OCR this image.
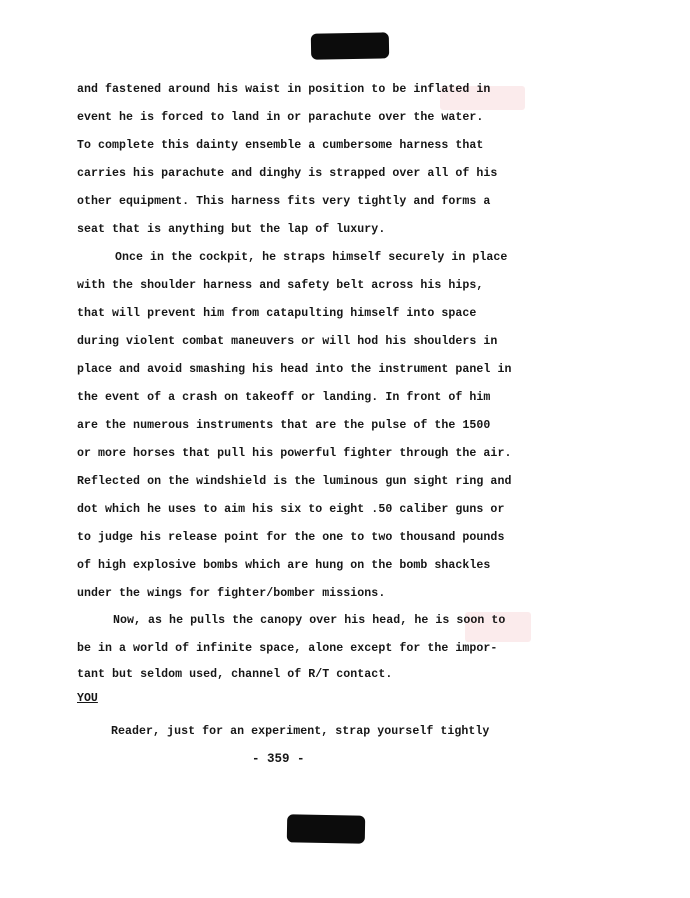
and fastened around his waist in position to be inflated in

event he is forced to land in or parachute over the water.

To complete this dainty ensemble a cumbersome harness that

carries his parachute and dinghy is strapped over all of his

other equipment. This harness fits very tightly and forms a

seat that is anything but the lap of luxury.

Once in the cockpit, he straps himself securely in place

with the shoulder harness and safety belt across his hips,

that will prevent him from catapulting himself into space

during violent combat maneuvers or will hod his shoulders in

place and avoid smashing his head into the instrument panel in

the event of a crash on takeoff or landing. In front of him

are the numerous instruments that are the pulse of the 1500

or more horses that pull his powerful fighter through the air.

Reflected on the windshield is the luminous gun sight ring and

dot which he uses to aim his six to eight .50 caliber guns or

to judge his release point for the one to two thousand pounds

of high explosive bombs which are hung on the bomb shackles

under the wings for fighter/bomber missions.

Now, as he pulls the canopy over his head, he is soon to

be in a world of infinite space, alone except for the impor-

tant but seldom used, channel of R/T contact.

YOU

Reader, just for an experiment, strap yourself tightly

- 359 -
